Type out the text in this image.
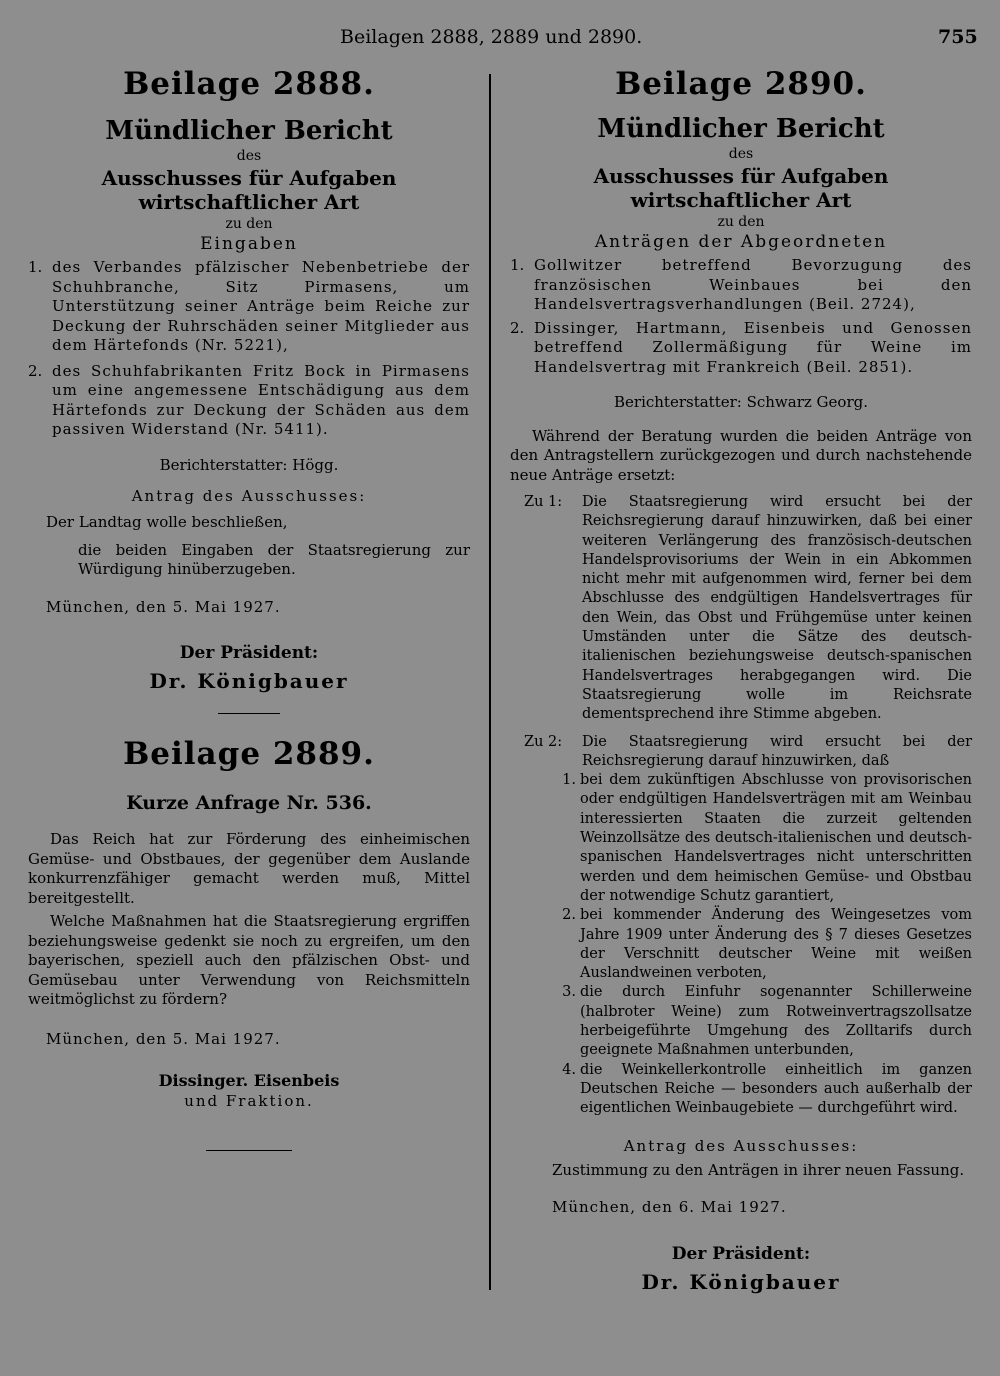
Beilagen 2888, 2889 und 2890.	755
Beilage 2888.
Mündlicher Bericht
des
Ausschusses für Aufgaben wirtschaftlicher Art
zu den
Eingaben
1. des Verbandes pfälzischer Nebenbetriebe der Schuhbranche, Sitz Pirmasens, um Unterstützung seiner Anträge beim Reiche zur Deckung der Ruhrschäden seiner Mitglieder aus dem Härtefonds (Nr. 5221),
2. des Schuhfabrikanten Fritz Bock in Pirmasens um eine angemessene Entschädigung aus dem Härtefonds zur Deckung der Schäden aus dem passiven Widerstand (Nr. 5411).
Berichterstatter: Högg.
Antrag des Ausschusses:
Der Landtag wolle beschließen,
die beiden Eingaben der Staatsregierung zur Würdigung hinüberzugeben.
München, den 5. Mai 1927.
Der Präsident:
Dr. Königbauer
Beilage 2889.
Kurze Anfrage Nr. 536.

Das Reich hat zur Förderung des einheimischen Gemüse- und Obstbaues, der gegenüber dem Auslande konkurrenzfähiger gemacht werden muß, Mittel bereitgestellt.

Welche Maßnahmen hat die Staatsregierung ergriffen beziehungsweise gedenkt sie noch zu ergreifen, um den bayerischen, speziell auch den pfälzischen Obst- und Gemüsebau unter Verwendung von Reichsmitteln weitmöglichst zu fördern?

München, den 5. Mai 1927.
Dissinger. Eisenbeis
und Fraktion.
Beilage 2890.
Mündlicher Bericht
des
Ausschusses für Aufgaben wirtschaftlicher Art
zu den
Anträgen der Abgeordneten
1. Gollwitzer betreffend Bevorzugung des französischen Weinbaues bei den Handelsvertragsverhandlungen (Beil. 2724),
2. Dissinger, Hartmann, Eisenbeis und Genossen betreffend Zollermäßigung für Weine im Handelsvertrag mit Frankreich (Beil. 2851).
Berichterstatter: Schwarz Georg.

Während der Beratung wurden die beiden Anträge von den Antragstellern zurückgezogen und durch nachstehende neue Anträge ersetzt:

Zu 1:	Die Staatsregierung wird ersucht bei der Reichsregierung darauf hinzuwirken, daß bei einer weiteren Verlängerung des französisch-deutschen Handelsprovisoriums der Wein in ein Abkommen nicht mehr mit aufgenommen wird, ferner bei dem Abschlusse des endgültigen Handelsvertrages für den Wein, das Obst und Frühgemüse unter keinen Umständen unter die Sätze des deutsch-italienischen beziehungsweise deutsch-spanischen Handelsvertrages herabgegangen wird. Die Staatsregierung wolle im Reichsrate dementsprechend ihre Stimme abgeben.
Zu 2:	Die Staatsregierung wird ersucht bei der Reichsregierung darauf hinzuwirken, daß
1. bei dem zukünftigen Abschlusse von provisorischen oder endgültigen Handelsverträgen mit am Weinbau interessierten Staaten die zurzeit geltenden Weinzollsätze des deutsch-italienischen und deutsch-spanischen Handelsvertrages nicht unterschritten werden und dem heimischen Gemüse- und Obstbau der notwendige Schutz garantiert,
2. bei kommender Änderung des Weingesetzes vom Jahre 1909 unter Änderung des § 7 dieses Gesetzes der Verschnitt deutscher Weine mit weißen Auslandweinen verboten,
3. die durch Einfuhr sogenannter Schillerweine (halbroter Weine) zum Rotweinvertragszollsatze herbeigeführte Umgehung des Zolltarifs durch geeignete Maßnahmen unterbunden,
4. die Weinkellerkontrolle einheitlich im ganzen Deutschen Reiche — besonders auch außerhalb der eigentlichen Weinbaugebiete — durchgeführt wird.
Antrag des Ausschusses:
Zustimmung zu den Anträgen in ihrer neuen Fassung.
München, den 6. Mai 1927.
Der Präsident:
Dr. Königbauer
